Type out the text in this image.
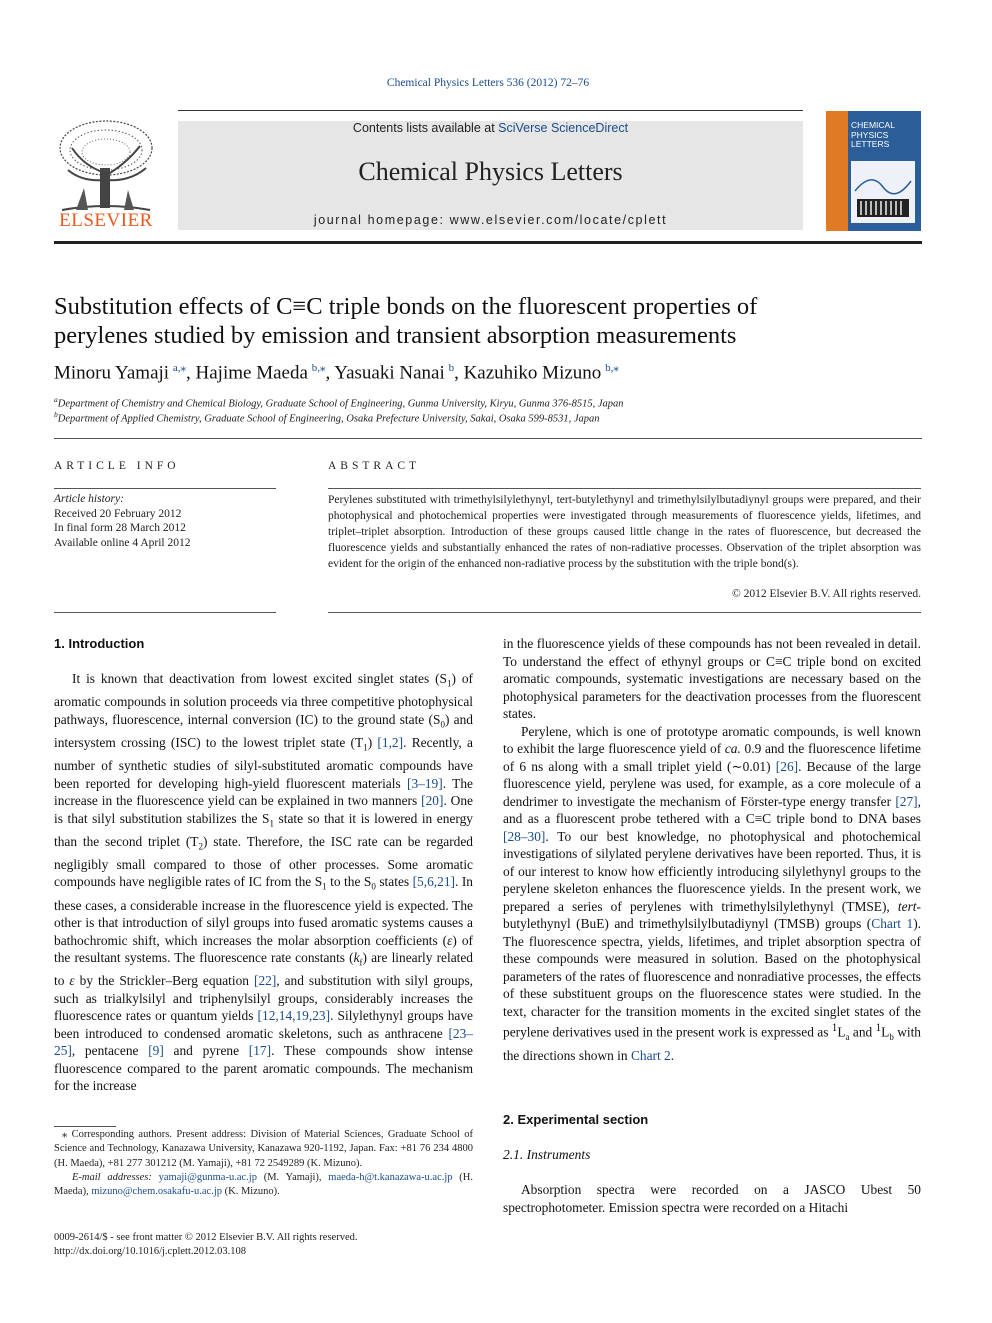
Chemical Physics Letters 536 (2012) 72–76
ELSEVIER
Contents lists available at SciVerse ScienceDirect
Chemical Physics Letters
journal homepage: www.elsevier.com/locate/cplett
CHEMICAL
PHYSICS
LETTERS
Substitution effects of C≡C triple bonds on the fluorescent properties of
perylenes studied by emission and transient absorption measurements
Minoru Yamaji  $^{a,⁎}$, Hajime Maeda  $^{b,⁎}$, Yasuaki Nanai  $^b$, Kazuhiko Mizuno  $^{b,⁎}$
$^a$Department of Chemistry and Chemical Biology, Graduate School of Engineering, Gunma University, Kiryu, Gunma 376-8515, Japan
$^b$Department of Applied Chemistry, Graduate School of Engineering, Osaka Prefecture University, Sakai, Osaka 599-8531, Japan
ARTICLE INFO
Article history:
Received 20 February 2012
In final form 28 March 2012
Available online 4 April 2012
ABSTRACT
Perylenes substituted with trimethylsilylethynyl, tert-butylethynyl and trimethylsilylbutadiynyl groups were prepared, and their photophysical and photochemical properties were investigated through measurements of fluorescence yields, lifetimes, and triplet–triplet absorption. Introduction of these groups caused little change in the rates of fluorescence, but decreased the fluorescence yields and substantially enhanced the rates of non-radiative processes. Observation of the triplet absorption was evident for the origin of the enhanced non-radiative process by the substitution with the triple bond(s).
© 2012 Elsevier B.V. All rights reserved.
1. Introduction

It is known that deactivation from lowest excited singlet states $(S_1)$ of aromatic compounds in solution proceeds via three competitive photophysical pathways, fluorescence, internal conversion (IC) to the ground state $(S_0)$ and intersystem crossing (ISC) to the lowest triplet state $(T_1)$ [1,2]. Recently, a number of synthetic studies of silyl-substituted aromatic compounds have been reported for developing high-yield fluorescent materials [3–19]. The increase in the fluorescence yield can be explained in two manners [20]. One is that silyl substitution stabilizes the $S_1$ state so that it is lowered in energy than the second triplet $(T_2)$ state. Therefore, the ISC rate can be regarded negligibly small compared to those of other processes. Some aromatic compounds have negligible rates of IC from the $S_1$ to the $S_0$ states [5,6,21]. In these cases, a considerable increase in the fluorescence yield is expected. The other is that introduction of silyl groups into fused aromatic systems causes a bathochromic shift, which increases the molar absorption coefficients (ε) of the resultant systems. The fluorescence rate constants $(k_f)$ are linearly related to ε by the Strickler–Berg equation [22], and substitution with silyl groups, such as trialkylsilyl and triphenylsilyl groups, considerably increases the fluorescence rates or quantum yields [12,14,19,23]. Silylethynyl groups have been introduced to condensed aromatic skeletons, such as anthracene [23–25], pentacene [9] and pyrene [17]. These compounds show intense fluorescence compared to the parent aromatic compounds. The mechanism for the increase

⁎ Corresponding authors. Present address: Division of Material Sciences, Graduate School of Science and Technology, Kanazawa University, Kanazawa 920-1192, Japan. Fax: +81 76 234 4800 (H. Maeda), +81 277 301212 (M. Yamaji), +81 72 2549289 (K. Mizuno).
E-mail addresses: yamaji@gunma-u.ac.jp (M. Yamaji), maeda-h@t.kanazawa-u.ac.jp (H. Maeda), mizuno@chem.osakafu-u.ac.jp (K. Mizuno).
0009-2614/$ - see front matter © 2012 Elsevier B.V. All rights reserved.
http://dx.doi.org/10.1016/j.cplett.2012.03.108

in the fluorescence yields of these compounds has not been revealed in detail. To understand the effect of ethynyl groups or C≡C triple bond on excited aromatic compounds, systematic investigations are necessary based on the photophysical parameters for the deactivation processes from the fluorescent states.

Perylene, which is one of prototype aromatic compounds, is well known to exhibit the large fluorescence yield of ca. 0.9 and the fluorescence lifetime of 6 ns along with a small triplet yield (∼0.01) [26]. Because of the large fluorescence yield, perylene was used, for example, as a core molecule of a dendrimer to investigate the mechanism of Förster-type energy transfer [27], and as a fluorescent probe tethered with a C≡C triple bond to DNA bases [28–30]. To our best knowledge, no photophysical and photochemical investigations of silylated perylene derivatives have been reported. Thus, it is of our interest to know how efficiently introducing silylethynyl groups to the perylene skeleton enhances the fluorescence yields. In the present work, we prepared a series of perylenes with trimethylsilylethynyl (TMSE), tert-butylethynyl (BuE) and trimethylsilylbutadiynyl (TMSB) groups (Chart 1). The fluorescence spectra, yields, lifetimes, and triplet absorption spectra of these compounds were measured in solution. Based on the photophysical parameters of the rates of fluorescence and nonradiative processes, the effects of these substituent groups on the fluorescence states were studied. In the text, character for the transition moments in the excited singlet states of the perylene derivatives used in the present work is expressed as $^1L_a$ and $^1L_b$ with the directions shown in Chart 2.

2. Experimental section
2.1. Instruments

Absorption spectra were recorded on a JASCO Ubest 50 spectrophotometer. Emission spectra were recorded on a Hitachi
